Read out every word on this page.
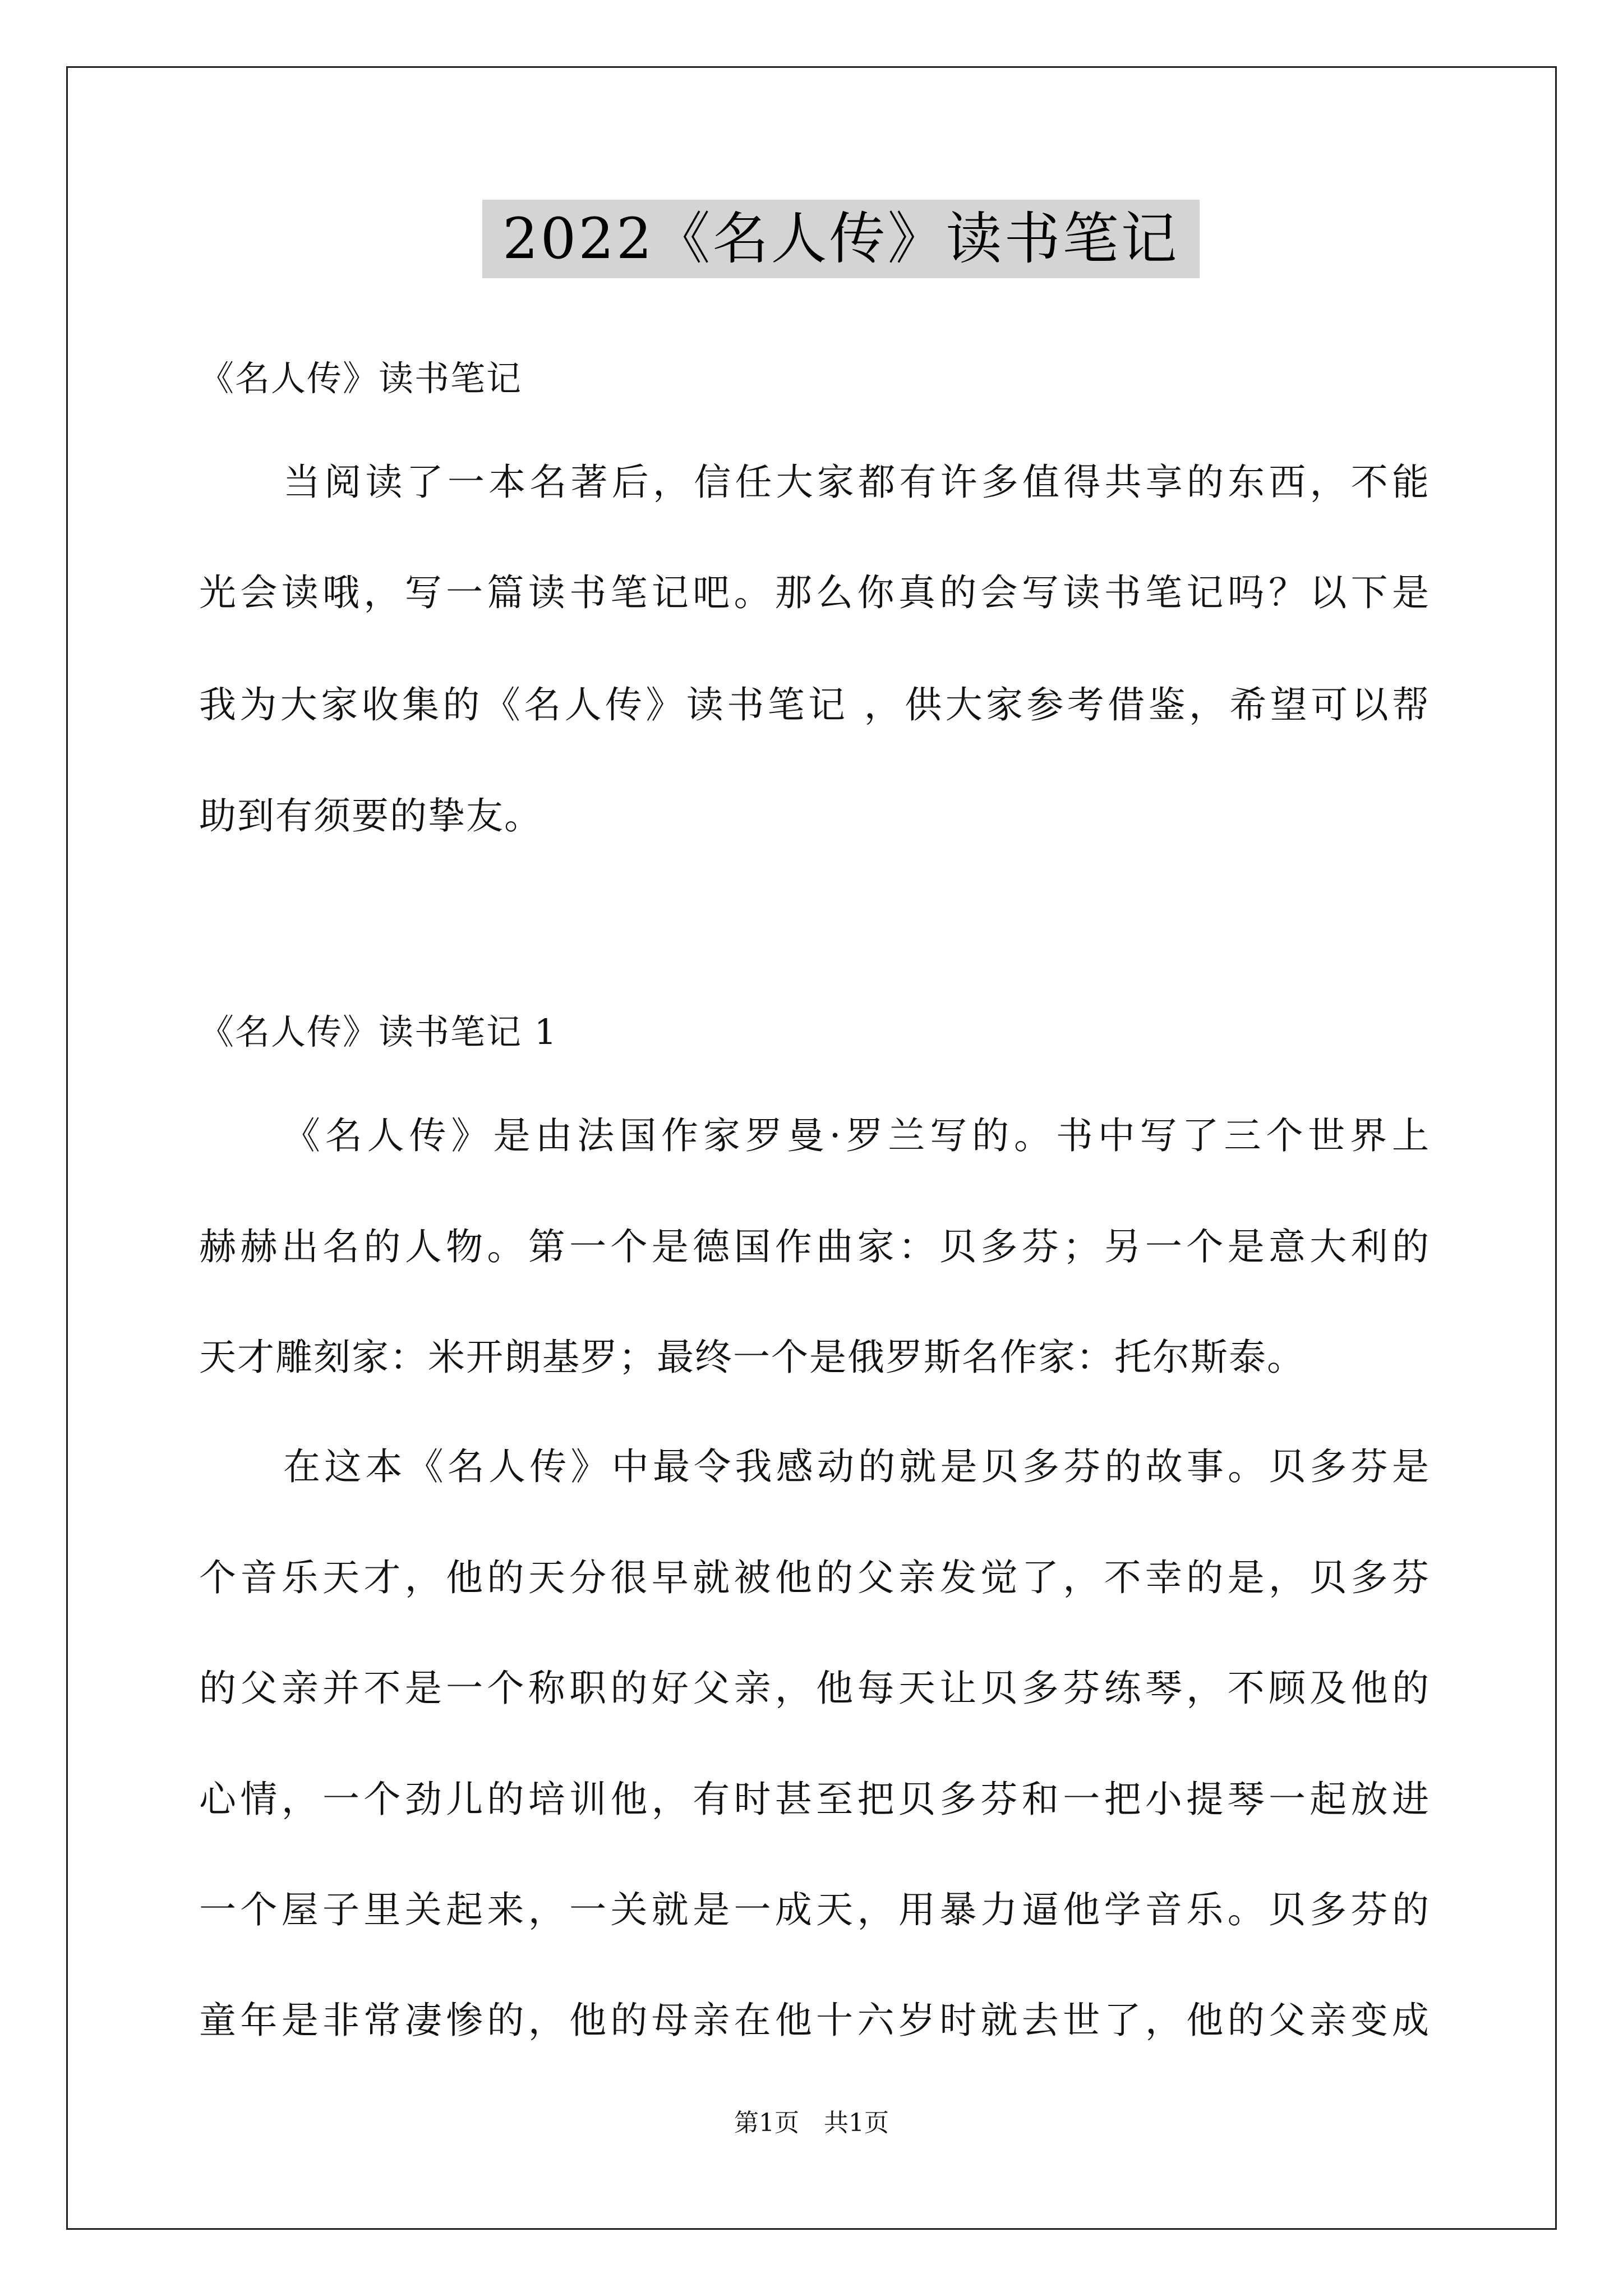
2022《名人传》读书笔记
《名人传》读书笔记
当阅读了一本名著后，信任大家都有许多值得共享的东西，不能
光会读哦，写一篇读书笔记吧。那么你真的会写读书笔记吗？以下是
我为大家收集的《名人传》读书笔记 ，供大家参考借鉴，希望可以帮
助到有须要的挚友。
《名人传》读书笔记 1
《名人传》是由法国作家罗曼·罗兰写的。书中写了三个世界上
赫赫出名的人物。第一个是德国作曲家：贝多芬；另一个是意大利的
天才雕刻家：米开朗基罗；最终一个是俄罗斯名作家：托尔斯泰。
在这本《名人传》中最令我感动的就是贝多芬的故事。贝多芬是
个音乐天才，他的天分很早就被他的父亲发觉了，不幸的是，贝多芬
的父亲并不是一个称职的好父亲，他每天让贝多芬练琴，不顾及他的
心情，一个劲儿的培训他，有时甚至把贝多芬和一把小提琴一起放进
一个屋子里关起来，一关就是一成天，用暴力逼他学音乐。贝多芬的
童年是非常凄惨的，他的母亲在他十六岁时就去世了，他的父亲变成
第1页　共1页
